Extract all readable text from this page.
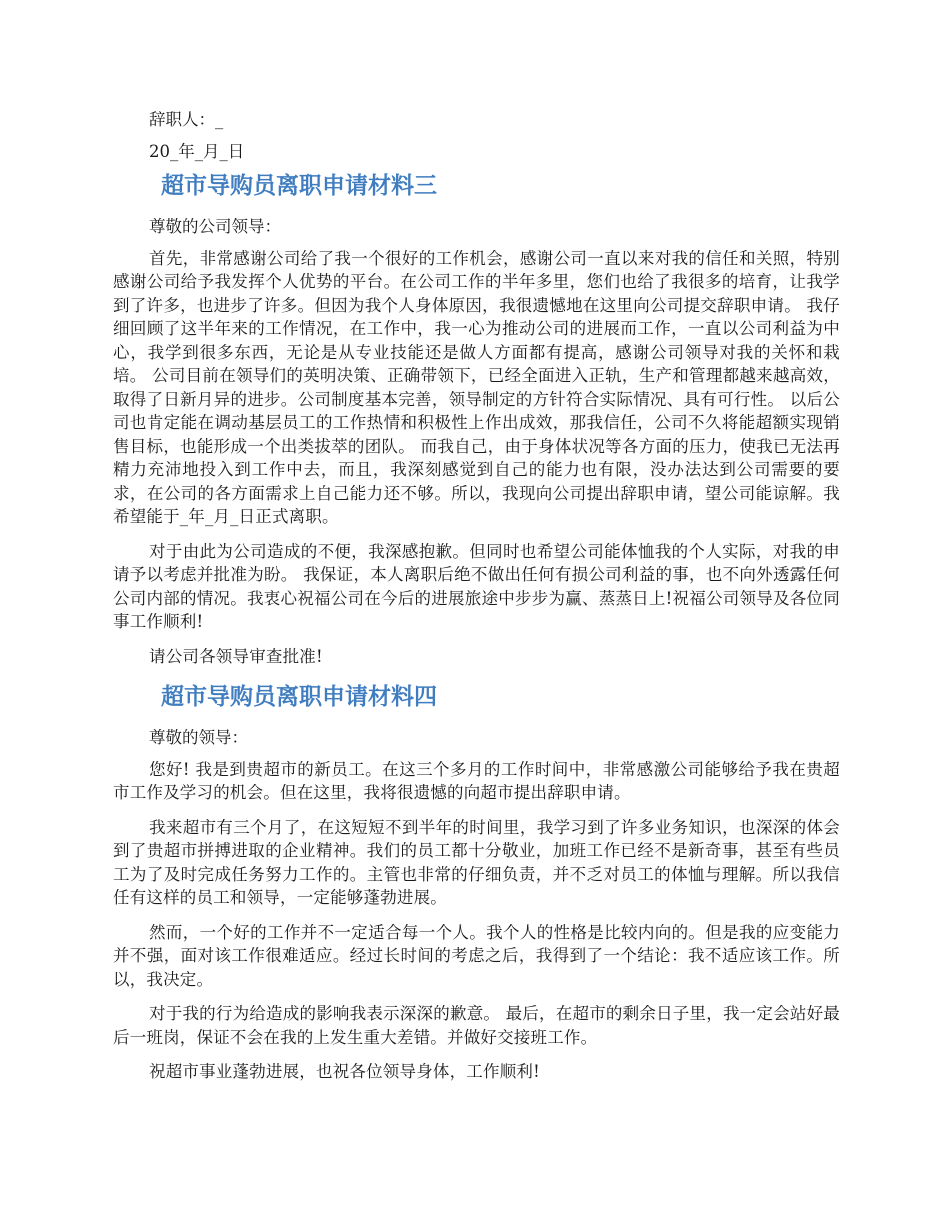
辞职人：_

20_年_月_日

超市导购员离职申请材料三

尊敬的公司领导：

首先，非常感谢公司给了我一个很好的工作机会，感谢公司一直以来对我的信任和关照，特别感谢公司给予我发挥个人优势的平台。在公司工作的半年多里，您们也给了我很多的培育，让我学到了许多，也进步了许多。但因为我个人身体原因，我很遗憾地在这里向公司提交辞职申请。 我仔细回顾了这半年来的工作情况，在工作中，我一心为推动公司的进展而工作，一直以公司利益为中心，我学到很多东西，无论是从专业技能还是做人方面都有提高，感谢公司领导对我的关怀和栽培。 公司目前在领导们的英明决策、正确带领下，已经全面进入正轨，生产和管理都越来越高效，取得了日新月异的进步。公司制度基本完善，领导制定的方针符合实际情况、具有可行性。 以后公司也肯定能在调动基层员工的工作热情和积极性上作出成效，那我信任，公司不久将能超额实现销售目标，也能形成一个出类拔萃的团队。 而我自己，由于身体状况等各方面的压力，使我已无法再精力充沛地投入到工作中去，而且，我深刻感觉到自己的能力也有限，没办法达到公司需要的要求，在公司的各方面需求上自己能力还不够。所以，我现向公司提出辞职申请，望公司能谅解。我希望能于_年_月_日正式离职。

对于由此为公司造成的不便，我深感抱歉。但同时也希望公司能体恤我的个人实际，对我的申请予以考虑并批准为盼。 我保证，本人离职后绝不做出任何有损公司利益的事，也不向外透露任何公司内部的情况。我衷心祝福公司在今后的进展旅途中步步为赢、蒸蒸日上!祝福公司领导及各位同事工作顺利!

请公司各领导审查批准!

超市导购员离职申请材料四

尊敬的领导：

您好! 我是到贵超市的新员工。在这三个多月的工作时间中，非常感激公司能够给予我在贵超市工作及学习的机会。但在这里，我将很遗憾的向超市提出辞职申请。

我来超市有三个月了，在这短短不到半年的时间里，我学习到了许多业务知识，也深深的体会到了贵超市拼搏进取的企业精神。我们的员工都十分敬业，加班工作已经不是新奇事，甚至有些员工为了及时完成任务努力工作的。主管也非常的仔细负责，并不乏对员工的体恤与理解。所以我信任有这样的员工和领导，一定能够蓬勃进展。

然而，一个好的工作并不一定适合每一个人。我个人的性格是比较内向的。但是我的应变能力并不强，面对该工作很难适应。经过长时间的考虑之后，我得到了一个结论：我不适应该工作。所以，我决定。

对于我的行为给造成的影响我表示深深的歉意。 最后，在超市的剩余日子里，我一定会站好最后一班岗，保证不会在我的上发生重大差错。并做好交接班工作。

祝超市事业蓬勃进展，也祝各位领导身体，工作顺利!
